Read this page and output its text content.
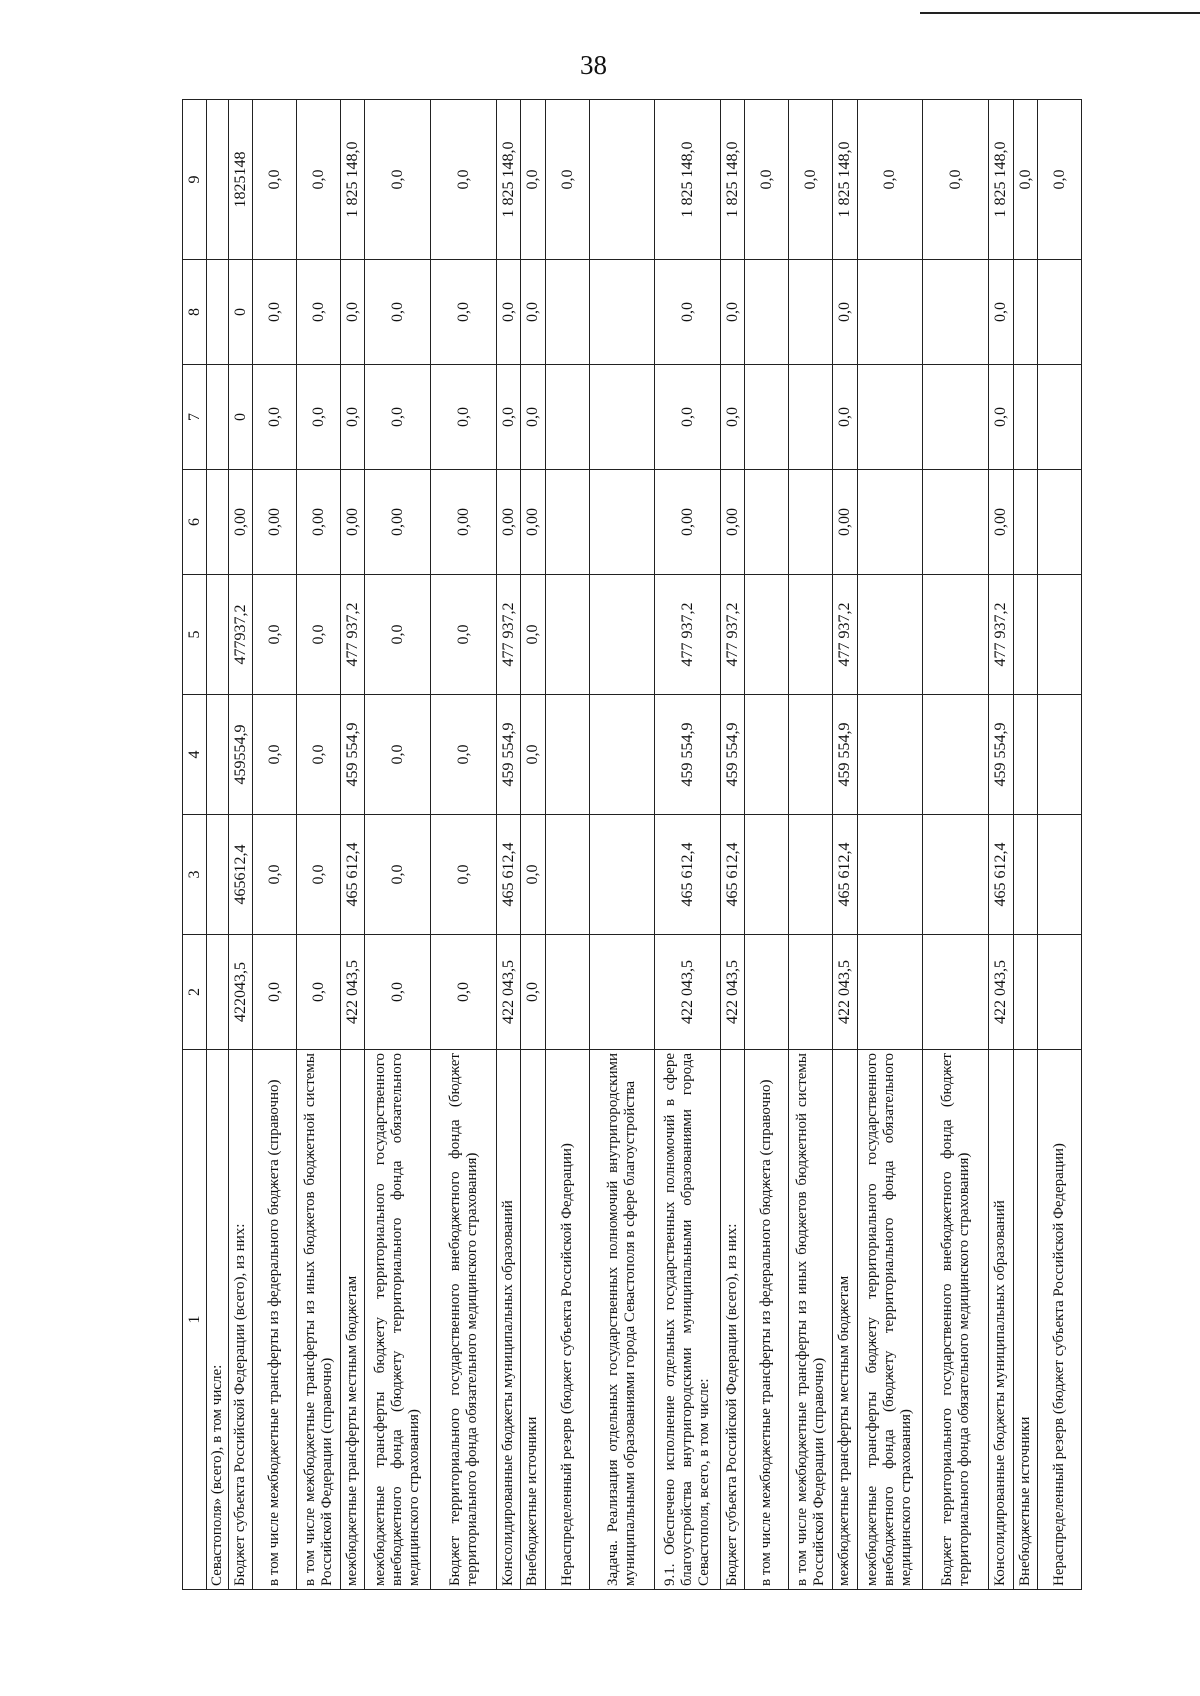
38
1	2	3	4	5	6	7	8	9
Севастополя» (всего), в том числе:								
Бюджет субъекта Российской Федерации (всего), из них:	422043,5	465612,4	459554,9	477937,2	0,00	0	0	1825148
в том числе межбюджетные трансферты из федерального бюджета (справочно)	0,0	0,0	0,0	0,0	0,00	0,0	0,0	0,0
в том числе межбюджетные трансферты из иных бюджетов бюджетной системы Российской Федерации (справочно)	0,0	0,0	0,0	0,0	0,00	0,0	0,0	0,0
межбюджетные трансферты местным бюджетам	422 043,5	465 612,4	459 554,9	477 937,2	0,00	0,0	0,0	1 825 148,0
межбюджетные трансферты бюджету территориального государственного внебюджетного фонда (бюджету территориального фонда обязательного медицинского страхования)	0,0	0,0	0,0	0,0	0,00	0,0	0,0	0,0
Бюджет территориального государственного внебюджетного фонда (бюджет территориального фонда обязательного медицинского страхования)	0,0	0,0	0,0	0,0	0,00	0,0	0,0	0,0
Консолидированные бюджеты муниципальных образований	422 043,5	465 612,4	459 554,9	477 937,2	0,00	0,0	0,0	1 825 148,0
Внебюджетные источники	0,0	0,0	0,0	0,0	0,00	0,0	0,0	0,0
Нераспределенный резерв (бюджет субъекта Российской Федерации)								0,0
Задача. Реализация отдельных государственных полномочий внутригородскими муниципальными образованиями города Севастополя в сфере благоустройства								
9.1. Обеспечено исполнение отдельных государственных полномочий в сфере благоустройства внутригородскими муниципальными образованиями города Севастополя, всего, в том числе:	422 043,5	465 612,4	459 554,9	477 937,2	0,00	0,0	0,0	1 825 148,0
Бюджет субъекта Российской Федерации (всего), из них:	422 043,5	465 612,4	459 554,9	477 937,2	0,00	0,0	0,0	1 825 148,0
в том числе межбюджетные трансферты из федерального бюджета (справочно)								0,0
в том числе межбюджетные трансферты из иных бюджетов бюджетной системы Российской Федерации (справочно)								0,0
межбюджетные трансферты местным бюджетам	422 043,5	465 612,4	459 554,9	477 937,2	0,00	0,0	0,0	1 825 148,0
межбюджетные трансферты бюджету территориального государственного внебюджетного фонда (бюджету территориального фонда обязательного медицинского страхования)								0,0
Бюджет территориального государственного внебюджетного фонда (бюджет территориального фонда обязательного медицинского страхования)								0,0
Консолидированные бюджеты муниципальных образований	422 043,5	465 612,4	459 554,9	477 937,2	0,00	0,0	0,0	1 825 148,0
Внебюджетные источники								0,0
Нераспределенный резерв (бюджет субъекта Российской Федерации)								0,0
